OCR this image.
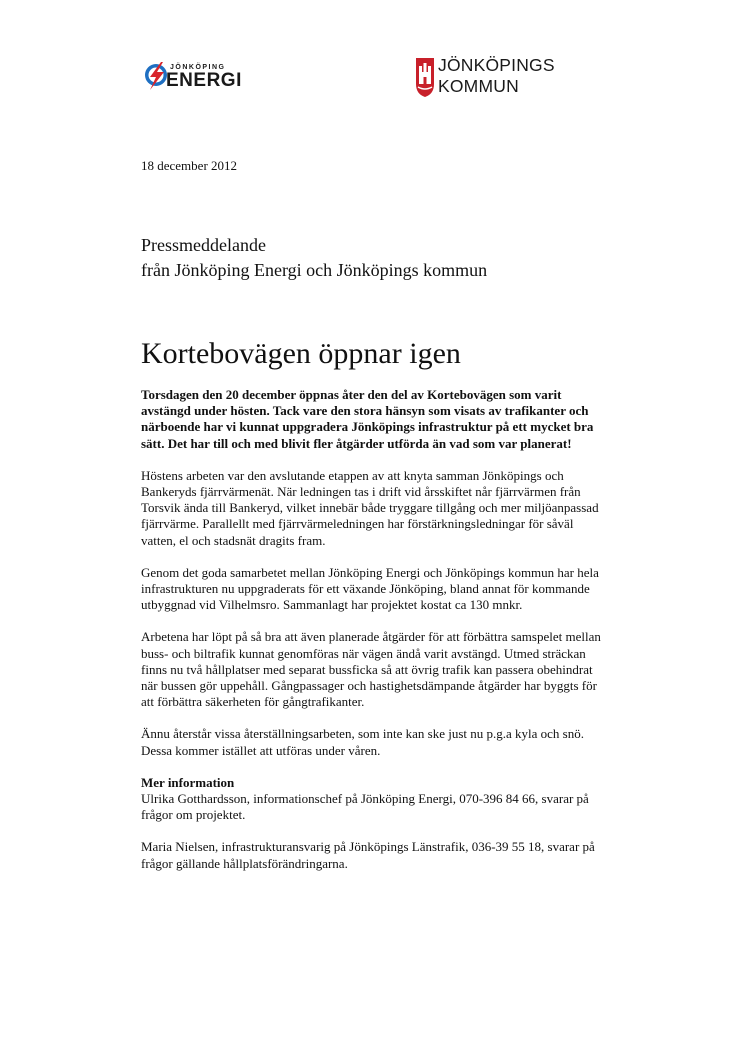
JÖNKÖPING
ENERGI
JÖNKÖPINGS
KOMMUN
18 december 2012
Pressmeddelande
från Jönköping Energi och Jönköpings kommun
Kortebovägen öppnar igen

Torsdagen den 20 december öppnas åter den del av Kortebovägen som varit avstängd under hösten. Tack vare den stora hänsyn som visats av trafikanter och närboende har vi kunnat uppgradera Jönköpings infrastruktur på ett mycket bra sätt. Det har till och med blivit fler åtgärder utförda än vad som var planerat!

Höstens arbeten var den avslutande etappen av att knyta samman Jönköpings och Bankeryds fjärrvärmenät. När ledningen tas i drift vid årsskiftet når fjärrvärmen från Torsvik ända till Bankeryd, vilket innebär både tryggare tillgång och mer miljöanpassad fjärrvärme. Parallellt med fjärrvärmeledningen har förstärkningsledningar för såväl vatten, el och stadsnät dragits fram.

Genom det goda samarbetet mellan Jönköping Energi och Jönköpings kommun har hela infrastrukturen nu uppgraderats för ett växande Jönköping, bland annat för kommande utbyggnad vid Vilhelmsro. Sammanlagt har projektet kostat ca 130 mnkr.

Arbetena har löpt på så bra att även planerade åtgärder för att förbättra samspelet mellan buss- och biltrafik kunnat genomföras när vägen ändå varit avstängd. Utmed sträckan finns nu två hållplatser med separat bussficka så att övrig trafik kan passera obehindrat när bussen gör uppehåll. Gångpassager och hastighetsdämpande åtgärder har byggts för att förbättra säkerheten för gångtrafikanter.

Ännu återstår vissa återställningsarbeten, som inte kan ske just nu p.g.a kyla och snö. Dessa kommer istället att utföras under våren.

Mer information

Ulrika Gotthardsson, informationschef på Jönköping Energi, 070-396 84 66, svarar på frågor om projektet.

Maria Nielsen, infrastrukturansvarig på Jönköpings Länstrafik, 036-39 55 18, svarar på frågor gällande hållplatsförändringarna.
